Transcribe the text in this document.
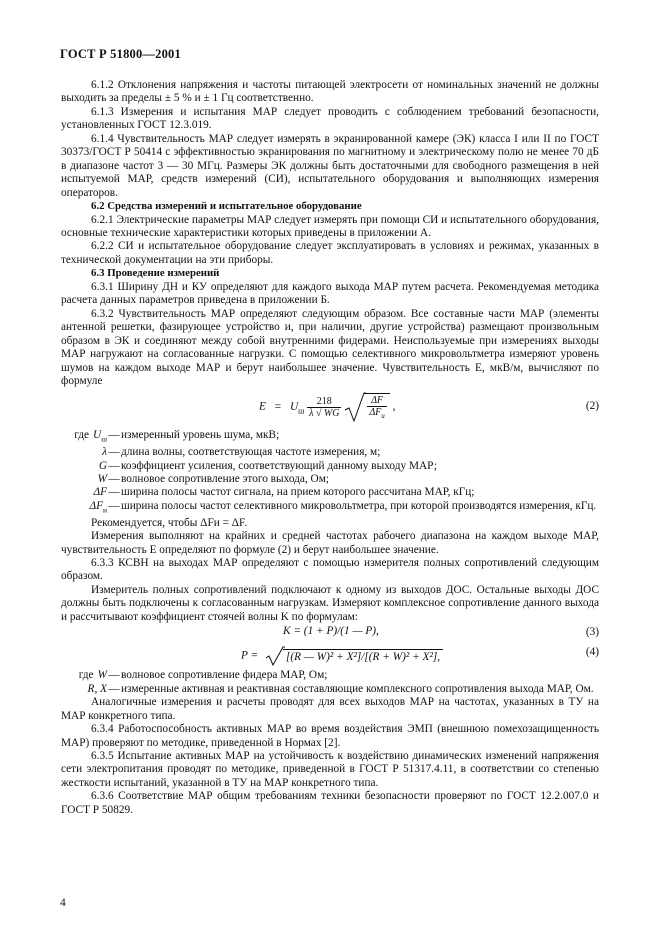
ГОСТ Р 51800—2001

6.1.2 Отклонения напряжения и частоты питающей электросети от номинальных значений не должны выходить за пределы ± 5 % и ± 1 Гц соответственно.

6.1.3 Измерения и испытания МАР следует проводить с соблюдением требований безопасности, установленных ГОСТ 12.3.019.

6.1.4 Чувствительность МАР следует измерять в экранированной камере (ЭК) класса I или II по ГОСТ 30373/ГОСТ Р 50414 с эффективностью экранирования по магнитному и электрическому полю не менее 70 дБ в диапазоне частот 3 — 30 МГц. Размеры ЭК должны быть достаточными для свободного размещения в ней испытуемой МАР, средств измерений (СИ), испытательного оборудования и выполняющих измерения операторов.

6.2 Средства измерений и испытательное оборудование

6.2.1 Электрические параметры МАР следует измерять при помощи СИ и испытательного оборудования, основные технические характеристики которых приведены в приложении А.

6.2.2 СИ и испытательное оборудование следует эксплуатировать в условиях и режимах, указанных в технической документации на эти приборы.

6.3 Проведение измерений

6.3.1 Ширину ДН и КУ определяют для каждого выхода МАР путем расчета. Рекомендуемая методика расчета данных параметров приведена в приложении Б.

6.3.2 Чувствительность МАР определяют следующим образом. Все составные части МАР (элементы антенной решетки, фазирующее устройство и, при наличии, другие устройства) размещают произвольным образом в ЭК и соединяют между собой внутренними фидерами. Неиспользуемые при измерениях выходы МАР нагружают на согласованные нагрузки. С помощью селективного микровольтметра измеряют уровень шумов на каждом выходе МАР и берут наибольшее значение. Чувствительность E, мкВ/м, вычисляют по формуле

$E = U_ш \frac{218}{\lambda √ WG}$
	$\frac{\Delta F}{\Delta F_и}$ ,	(2)
где $U_ш$ — измеренный уровень шума, мкВ;
λ — длина волны, соответствующая частоте измерения, м;
G — коэффициент усиления, соответствующий данному выходу МАР;
W — волновое сопротивление этого выхода, Ом;
ΔF — ширина полосы частот сигнала, на прием которого рассчитана МАР, кГц;
$\Delta F_и$ — ширина полосы частот селективного микровольтметра, при которой производятся измерения, кГц.

Рекомендуется, чтобы ΔFи = ΔF.

Измерения выполняют на крайних и средней частотах рабочего диапазона на каждом выходе МАР, чувствительность E определяют по формуле (2) и берут наибольшее значение.

6.3.3 КСВН на выходах МАР определяют с помощью измерителя полных сопротивлений следующим образом.

Измеритель полных сопротивлений подключают к одному из выходов ДОС. Остальные выходы ДОС должны быть подключены к согласованным нагрузкам. Измеряют комплексное сопротивление данного выхода и рассчитывают коэффициент стоячей волны K по формулам:

K = (1 + P)/(1 — P),	(3)
P = [(R — W)² + X²]/[(R + W)² + X²],	(4)
где W — волновое сопротивление фидера МАР, Ом;
R, X — измеренные активная и реактивная составляющие комплексного сопротивления выхода МАР, Ом.

Аналогичные измерения и расчеты проводят для всех выходов МАР на частотах, указанных в ТУ на МАР конкретного типа.

6.3.4 Работоспособность активных МАР во время воздействия ЭМП (внешнюю помехозащищенность МАР) проверяют по методике, приведенной в Нормах [2].

6.3.5 Испытание активных МАР на устойчивость к воздействию динамических изменений напряжения сети электропитания проводят по методике, приведенной в ГОСТ Р 51317.4.11, в соответствии со степенью жесткости испытаний, указанной в ТУ на МАР конкретного типа.

6.3.6 Соответствие МАР общим требованиям техники безопасности проверяют по ГОСТ 12.2.007.0 и ГОСТ Р 50829.

4
